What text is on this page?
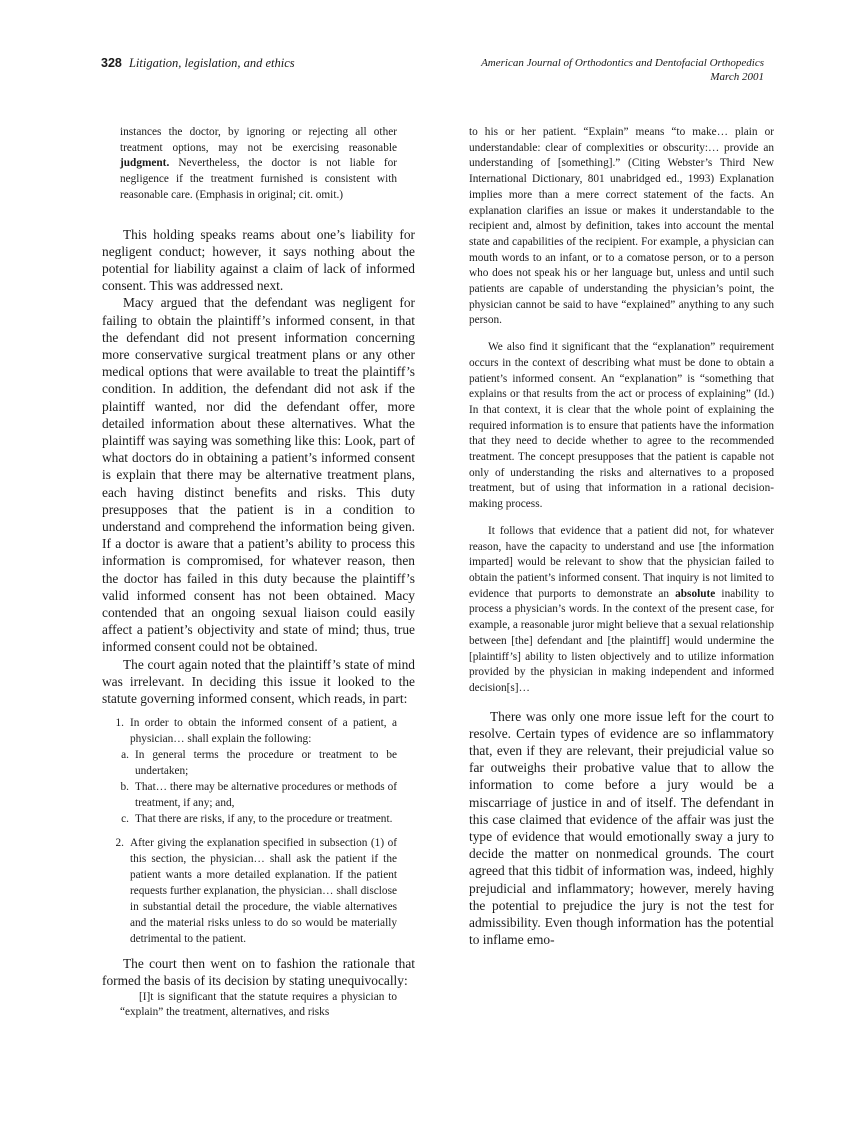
328 Litigation, legislation, and ethics	American Journal of Orthodontics and Dentofacial Orthopedics
March 2001

instances the doctor, by ignoring or rejecting all other treatment options, may not be exercising reasonable judgment. Nevertheless, the doctor is not liable for negligence if the treatment furnished is consistent with reasonable care. (Emphasis in original; cit. omit.)

This holding speaks reams about one’s liability for negligent conduct; however, it says nothing about the potential for liability against a claim of lack of informed consent. This was addressed next.

Macy argued that the defendant was negligent for failing to obtain the plaintiff’s informed consent, in that the defendant did not present information concerning more conservative surgical treatment plans or any other medical options that were available to treat the plaintiff’s condition. In addition, the defendant did not ask if the plaintiff wanted, nor did the defendant offer, more detailed information about these alternatives. What the plaintiff was saying was something like this: Look, part of what doctors do in obtaining a patient’s informed consent is explain that there may be alternative treatment plans, each having distinct benefits and risks. This duty presupposes that the patient is in a condition to understand and comprehend the information being given. If a doctor is aware that a patient’s ability to process this information is compromised, for whatever reason, then the doctor has failed in this duty because the plaintiff’s valid informed consent has not been obtained. Macy contended that an ongoing sexual liaison could easily affect a patient’s objectivity and state of mind; thus, true informed consent could not be obtained.

The court again noted that the plaintiff’s state of mind was irrelevant. In deciding this issue it looked to the statute governing informed consent, which reads, in part:

1. In order to obtain the informed consent of a patient, a physician… shall explain the following:
a. In general terms the procedure or treatment to be undertaken;
b. That… there may be alternative procedures or methods of treatment, if any; and,
c. That there are risks, if any, to the procedure or treatment.
2. After giving the explanation specified in subsection (1) of this section, the physician… shall ask the patient if the patient wants a more detailed explanation. If the patient requests further explanation, the physician… shall disclose in substantial detail the procedure, the viable alternatives and the material risks unless to do so would be materially detrimental to the patient.

The court then went on to fashion the rationale that formed the basis of its decision by stating unequivocally:

[I]t is significant that the statute requires a physician to “explain” the treatment, alternatives, and risks

to his or her patient. “Explain” means “to make… plain or understandable: clear of complexities or obscurity:… provide an understanding of [something].” (Citing Webster’s Third New International Dictionary, 801 unabridged ed., 1993) Explanation implies more than a mere correct statement of the facts. An explanation clarifies an issue or makes it understandable to the recipient and, almost by definition, takes into account the mental state and capabilities of the recipient. For example, a physician can mouth words to an infant, or to a comatose person, or to a person who does not speak his or her language but, unless and until such patients are capable of understanding the physician’s point, the physician cannot be said to have “explained” anything to any such person.

We also find it significant that the “explanation” requirement occurs in the context of describing what must be done to obtain a patient’s informed consent. An “explanation” is “something that explains or that results from the act or process of explaining” (Id.) In that context, it is clear that the whole point of explaining the required information is to ensure that patients have the information that they need to decide whether to agree to the recommended treatment. The concept presupposes that the patient is capable not only of understanding the risks and alternatives to a proposed treatment, but of using that information in a rational decision-making process.

It follows that evidence that a patient did not, for whatever reason, have the capacity to understand and use [the information imparted] would be relevant to show that the physician failed to obtain the patient’s informed consent. That inquiry is not limited to evidence that purports to demonstrate an absolute inability to process a physician’s words. In the context of the present case, for example, a reasonable juror might believe that a sexual relationship between [the] defendant and [the plaintiff] would undermine the [plaintiff’s] ability to listen objectively and to utilize information provided by the physician in making independent and informed decision[s]…

There was only one more issue left for the court to resolve. Certain types of evidence are so inflammatory that, even if they are relevant, their prejudicial value so far outweighs their probative value that to allow the information to come before a jury would be a miscarriage of justice in and of itself. The defendant in this case claimed that evidence of the affair was just the type of evidence that would emotionally sway a jury to decide the matter on nonmedical grounds. The court agreed that this tidbit of information was, indeed, highly prejudicial and inflammatory; however, merely having the potential to prejudice the jury is not the test for admissibility. Even though information has the potential to inflame emo-
